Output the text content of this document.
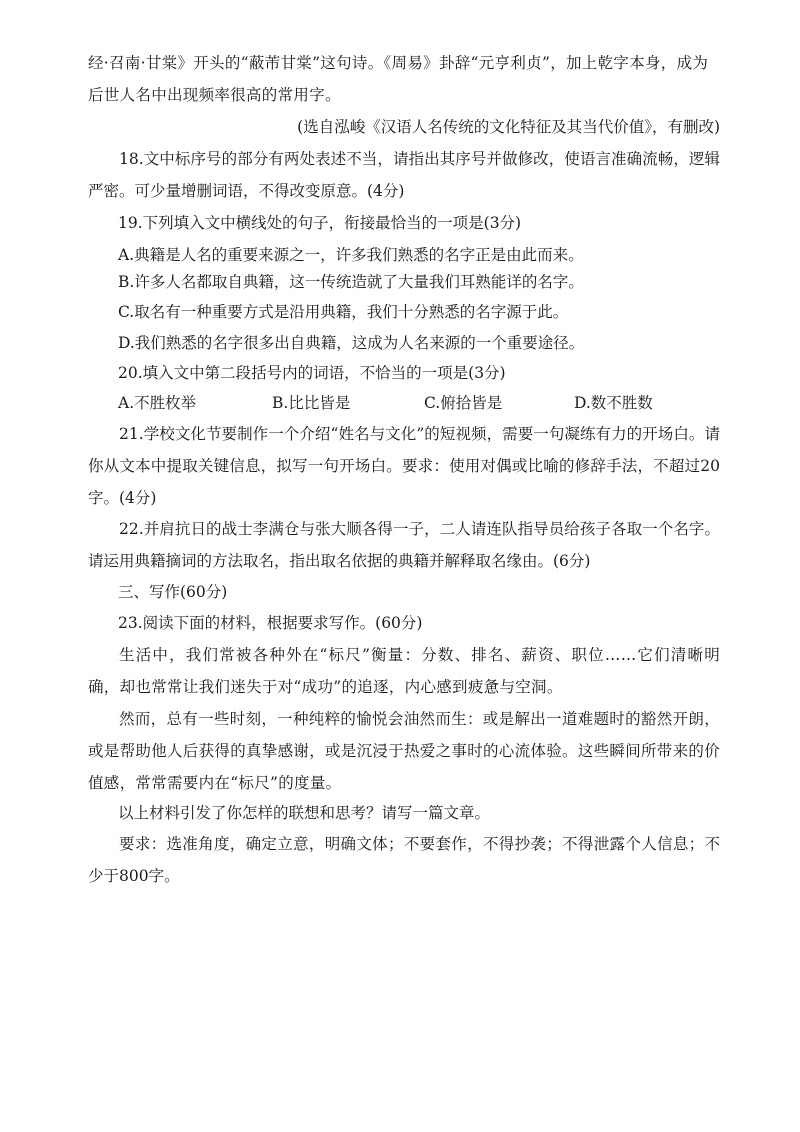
经·召南·甘棠》开头的“蔽芾甘棠”这句诗。《周易》卦辞“元亨利贞”，加上乾字本身，成为

后世人名中出现频率很高的常用字。

(选自泓峻《汉语人名传统的文化特征及其当代价值》，有删改)

18.文中标序号的部分有两处表述不当，请指出其序号并做修改，使语言准确流畅，逻辑严密。可少量增删词语，不得改变原意。(4分)

19.下列填入文中横线处的句子，衔接最恰当的一项是(3分)

A.典籍是人名的重要来源之一，许多我们熟悉的名字正是由此而来。

B.许多人名都取自典籍，这一传统造就了大量我们耳熟能详的名字。

C.取名有一种重要方式是沿用典籍，我们十分熟悉的名字源于此。

D.我们熟悉的名字很多出自典籍，这成为人名来源的一个重要途径。

20.填入文中第二段括号内的词语，不恰当的一项是(3分)

A.不胜枚举	B.比比皆是	C.俯拾皆是	D.数不胜数

21.学校文化节要制作一个介绍“姓名与文化”的短视频，需要一句凝练有力的开场白。请你从文本中提取关键信息，拟写一句开场白。要求：使用对偶或比喻的修辞手法，不超过20字。(4分)

22.并肩抗日的战士李满仓与张大顺各得一子，二人请连队指导员给孩子各取一个名字。请运用典籍摘词的方法取名，指出取名依据的典籍并解释取名缘由。(6分)

三、写作(60分)

23.阅读下面的材料，根据要求写作。(60分)

生活中，我们常被各种外在“标尺”衡量：分数、排名、薪资、职位……它们清晰明确，却也常常让我们迷失于对“成功”的追逐，内心感到疲惫与空洞。

然而，总有一些时刻，一种纯粹的愉悦会油然而生：或是解出一道难题时的豁然开朗，或是帮助他人后获得的真挚感谢，或是沉浸于热爱之事时的心流体验。这些瞬间所带来的价值感，常常需要内在“标尺”的度量。

以上材料引发了你怎样的联想和思考？请写一篇文章。

要求：选准角度，确定立意，明确文体；不要套作，不得抄袭；不得泄露个人信息；不少于800字。
